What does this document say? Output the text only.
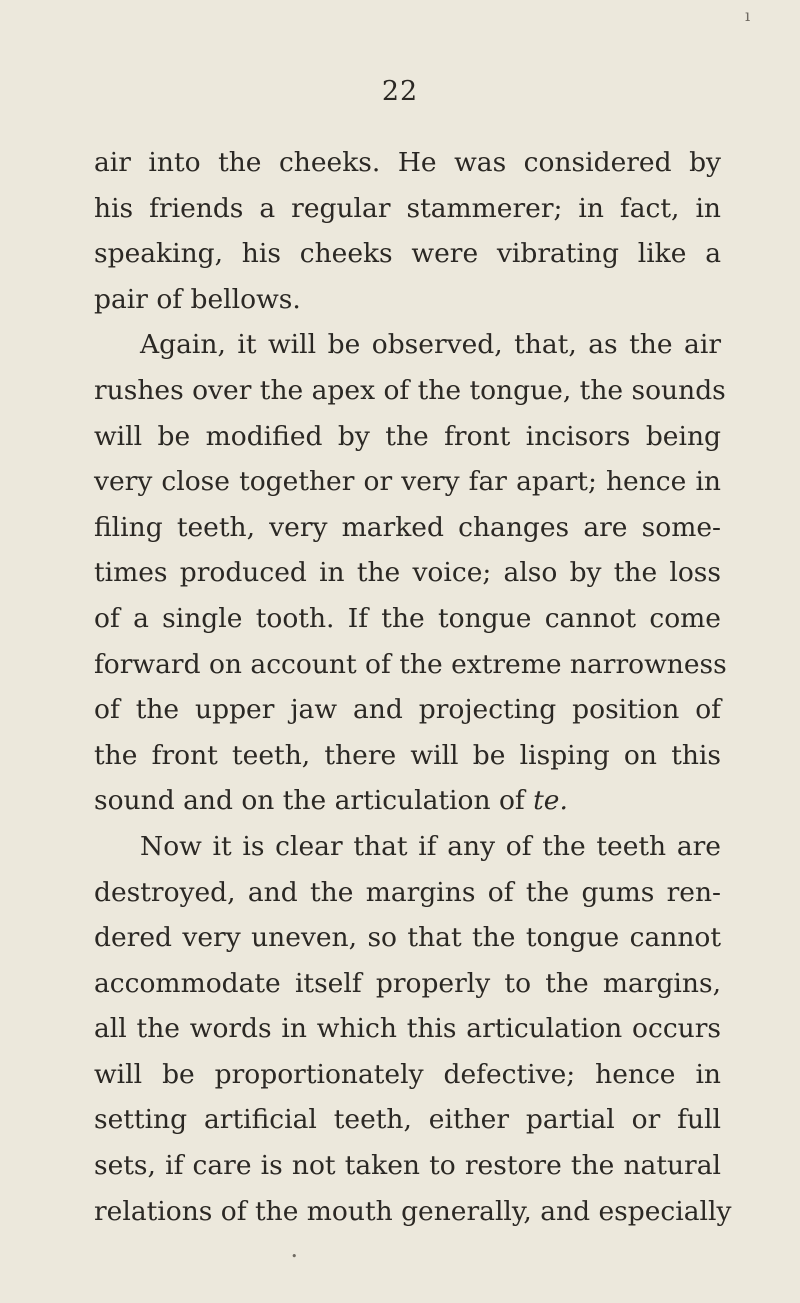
ı
22
air into the cheeks. He was considered by
his friends a regular stammerer; in fact, in
speaking, his cheeks were vibrating like a
pair of bellows.
Again, it will be observed, that, as the air
rushes over the apex of the tongue, the sounds
will be modified by the front incisors being
very close together or very far apart; hence in
filing teeth, very marked changes are some-
times produced in the voice; also by the loss
of a single tooth. If the tongue cannot come
forward on account of the extreme narrowness
of the upper jaw and projecting position of
the front teeth, there will be lisping on this
sound and on the articulation of te.
Now it is clear that if any of the teeth are
destroyed, and the margins of the gums ren-
dered very uneven, so that the tongue cannot
accommodate itself properly to the margins,
all the words in which this articulation occurs
will be proportionately defective; hence in
setting artificial teeth, either partial or full
sets, if care is not taken to restore the natural
relations of the mouth generally, and especially
•
